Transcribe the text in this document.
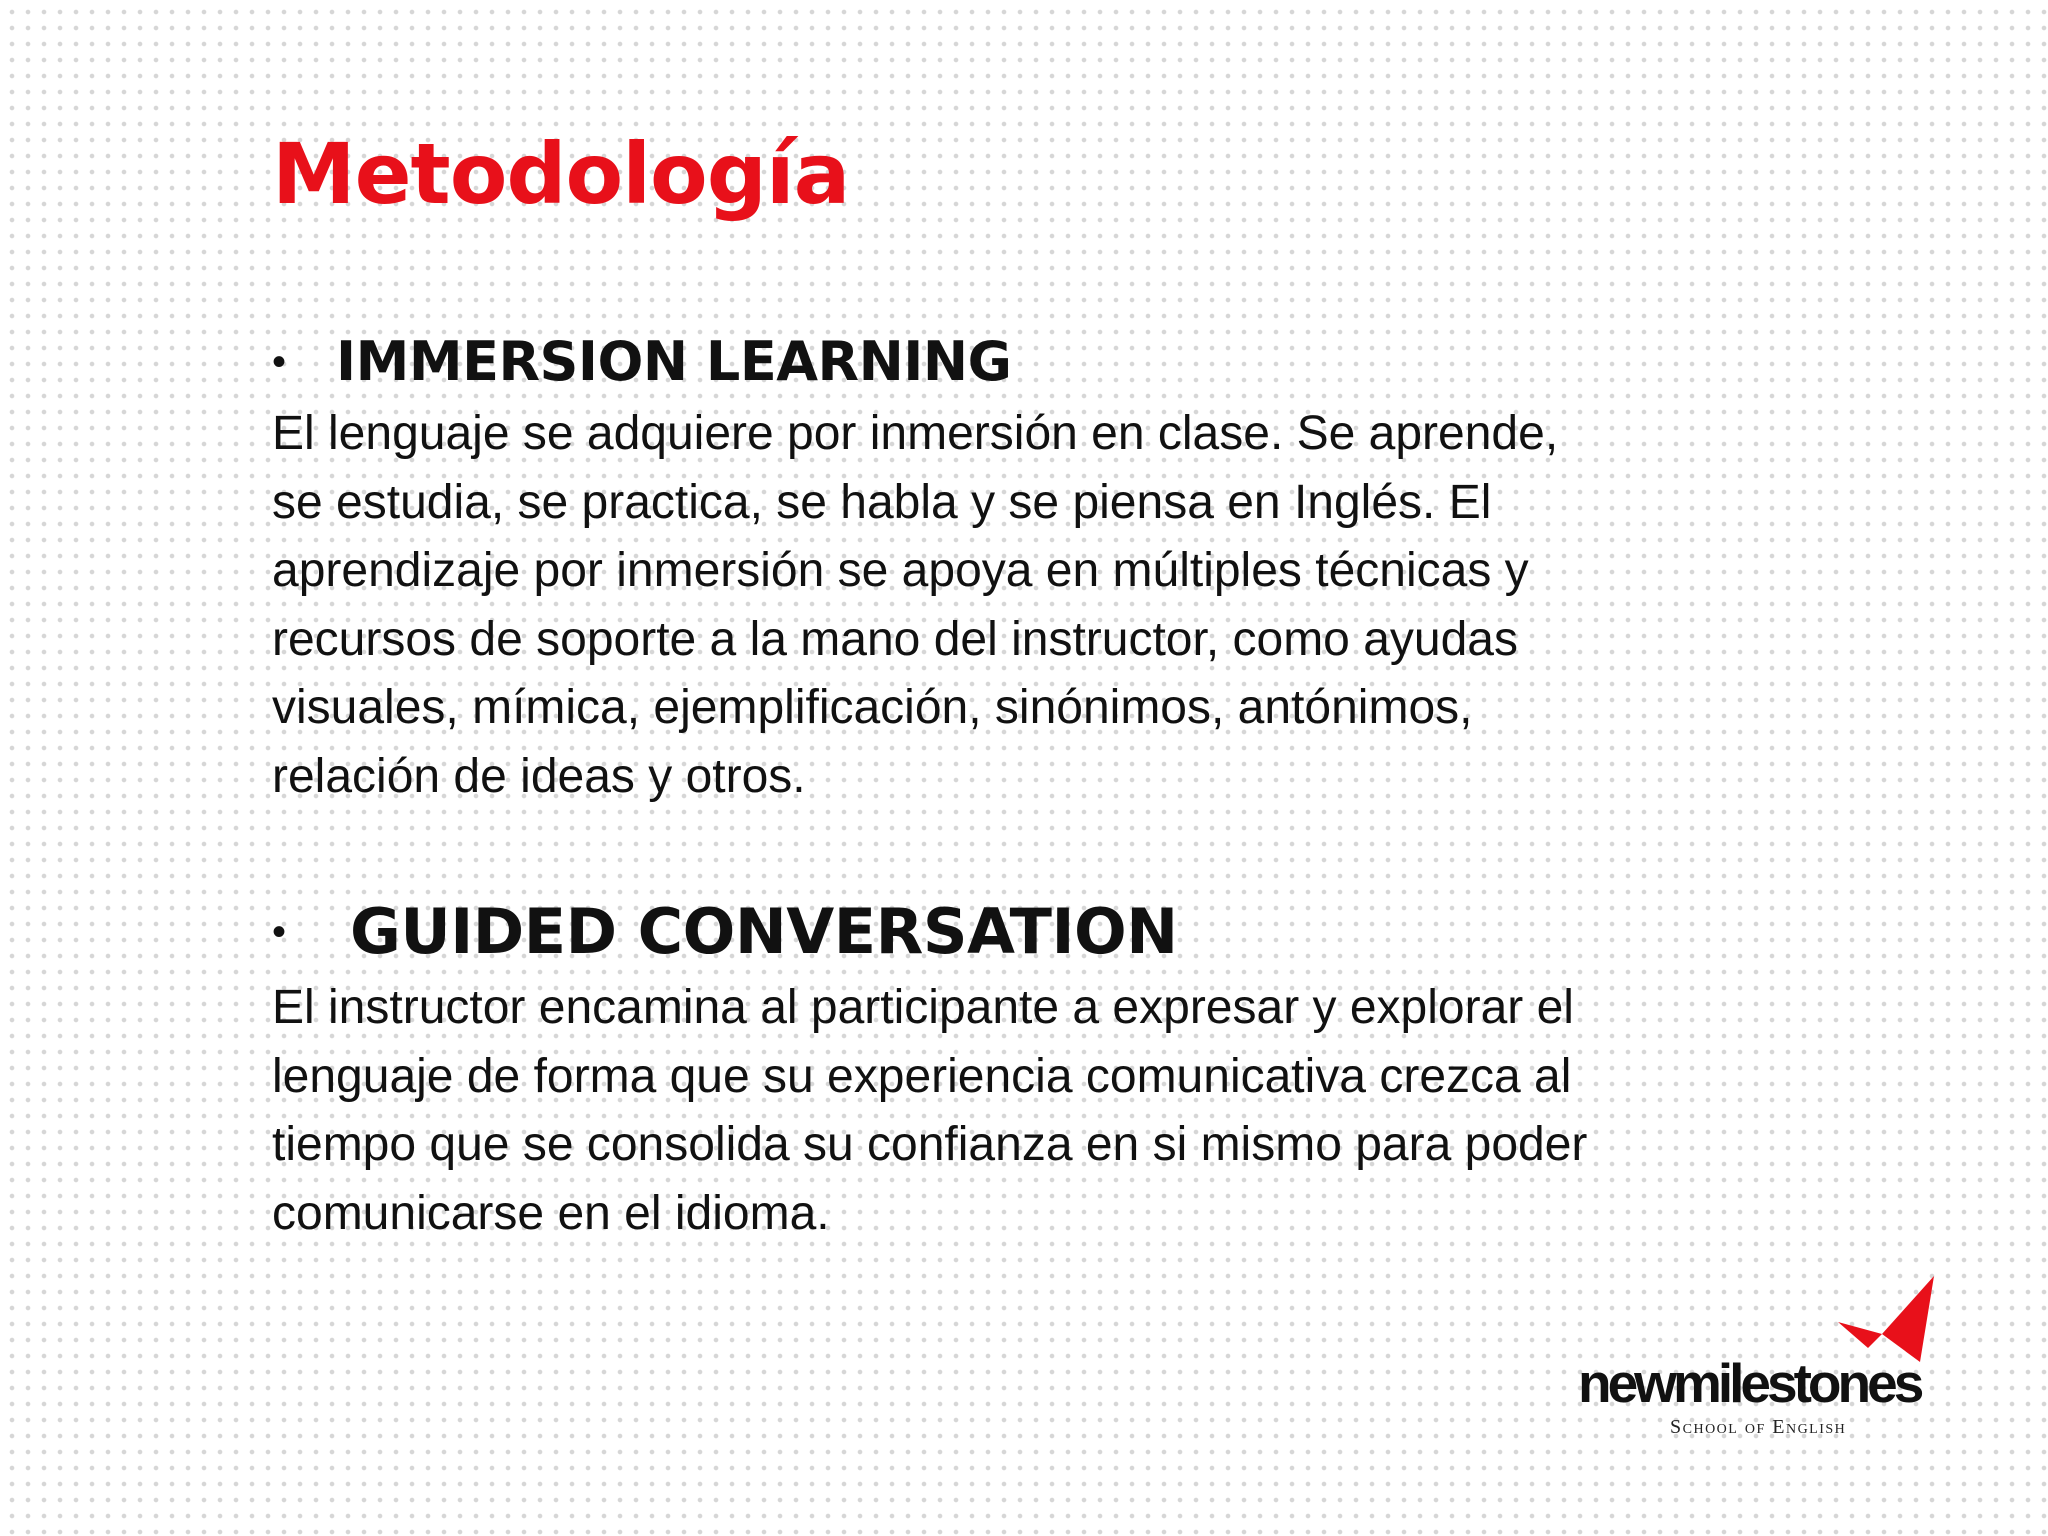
Metodología
• IMMERSION LEARNING

El lenguaje se adquiere por inmersión en clase. Se aprende,
se estudia, se practica, se habla y se piensa en Inglés. El
aprendizaje por inmersión se apoya en múltiples técnicas y
recursos de soporte a la mano del instructor, como ayudas
visuales, mímica, ejemplificación, sinónimos, antónimos,
relación de ideas y otros.

•	GUIDED CONVERSATION

El instructor encamina al participante a expresar y explorar el
lenguaje de forma que su experiencia comunicativa crezca al
tiempo que se consolida su confianza en si mismo para poder
comunicarse en el idioma.

newmilestones
School of English
